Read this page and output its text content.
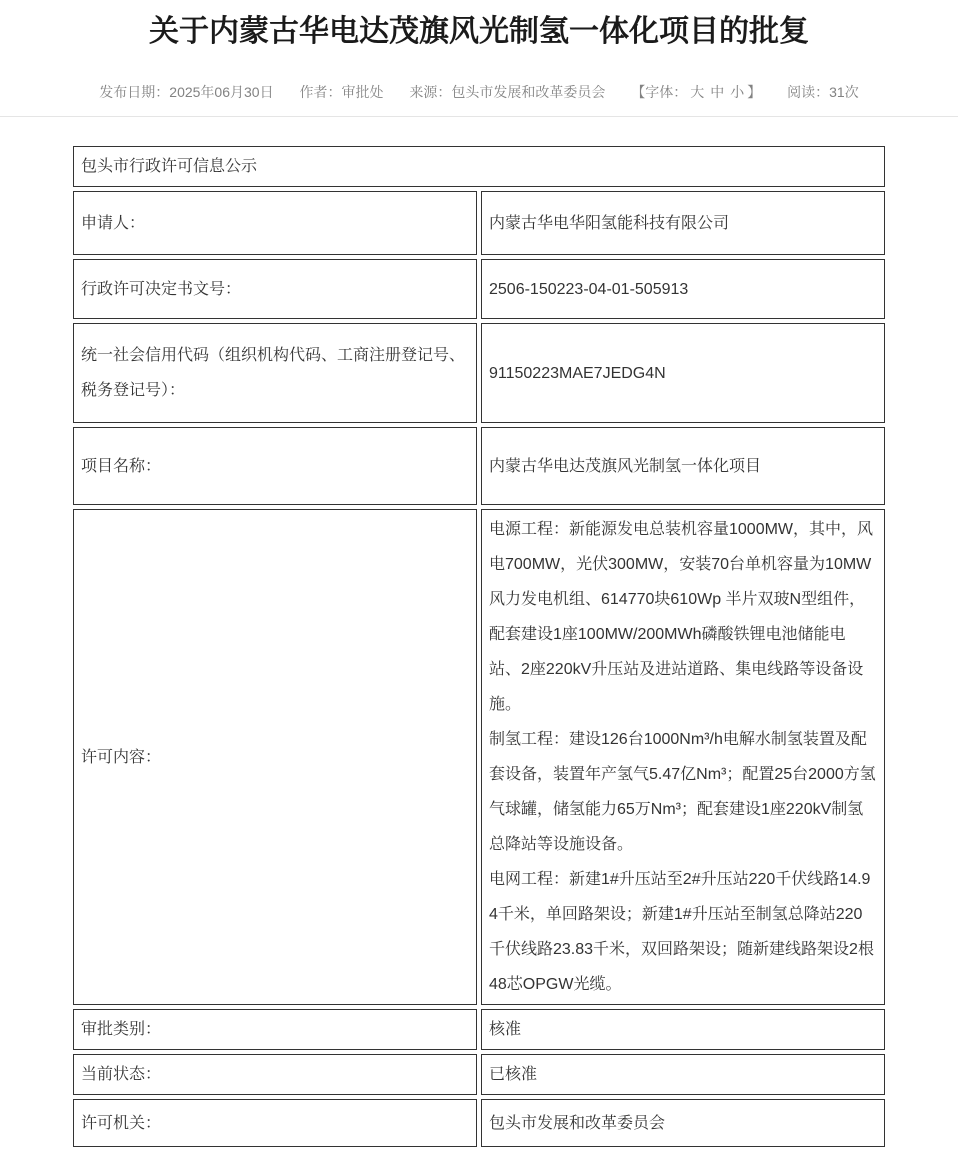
关于内蒙古华电达茂旗风光制氢一体化项目的批复
发布日期：2025年06月30日 作者：审批处 来源：包头市发展和改革委员会 【字体： 大 中 小 】 阅读：31次
包头市行政许可信息公示	
申请人：	内蒙古华电华阳氢能科技有限公司
行政许可决定书文号：	2506-150223-04-01-505913
统一社会信用代码（组织机构代码、工商注册登记号、税务登记号）：	91150223MAE7JEDG4N
项目名称：	内蒙古华电达茂旗风光制氢一体化项目
许可内容：	电源工程：新能源发电总装机容量1000MW，其中，风电700MW，光伏300MW，安装70台单机容量为10MW风力发电机组、614770块610Wp 半片双玻N型组件，配套建设1座100MW/200MWh磷酸铁锂电池储能电站、2座220kV升压站及进站道路、集电线路等设备设施。

制氢工程：建设126台1000Nm³/h电解水制氢装置及配套设备，装置年产氢气5.47亿Nm³；配置25台2000方氢气球罐，储氢能力65万Nm³；配套建设1座220kV制氢总降站等设施设备。

电网工程：新建1#升压站至2#升压站220千伏线路14.94千米，单回路架设；新建1#升压站至制氢总降站220千伏线路23.83千米，双回路架设；随新建线路架设2根48芯OPGW光缆。

审批类别：	核准
当前状态：	已核准
许可机关：	包头市发展和改革委员会
